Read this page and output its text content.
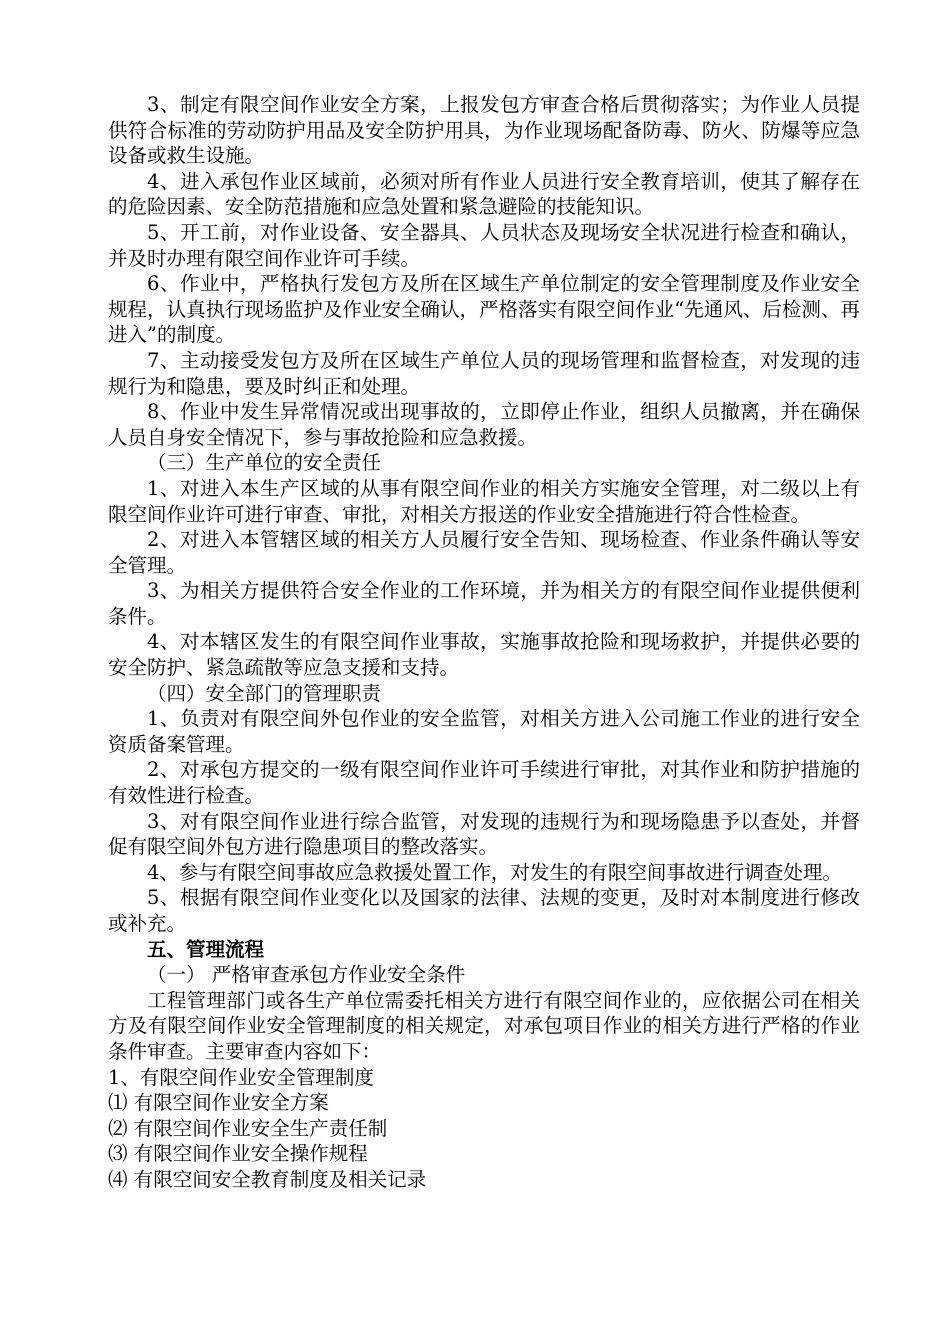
3、制定有限空间作业安全方案，上报发包方审查合格后贯彻落实；为作业人员提供符合标准的劳动防护用品及安全防护用具，为作业现场配备防毒、防火、防爆等应急设备或救生设施。

4、进入承包作业区域前，必须对所有作业人员进行安全教育培训，使其了解存在的危险因素、安全防范措施和应急处置和紧急避险的技能知识。

5、开工前，对作业设备、安全器具、人员状态及现场安全状况进行检查和确认，并及时办理有限空间作业许可手续。

6、作业中，严格执行发包方及所在区域生产单位制定的安全管理制度及作业安全规程，认真执行现场监护及作业安全确认，严格落实有限空间作业“先通风、后检测、再进入”的制度。

7、主动接受发包方及所在区域生产单位人员的现场管理和监督检查，对发现的违规行为和隐患，要及时纠正和处理。

8、作业中发生异常情况或出现事故的，立即停止作业，组织人员撤离，并在确保人员自身安全情况下，参与事故抢险和应急救援。

（三）生产单位的安全责任

1、对进入本生产区域的从事有限空间作业的相关方实施安全管理，对二级以上有限空间作业许可进行审查、审批，对相关方报送的作业安全措施进行符合性检查。

2、对进入本管辖区域的相关方人员履行安全告知、现场检查、作业条件确认等安全管理。

3、为相关方提供符合安全作业的工作环境，并为相关方的有限空间作业提供便利条件。

4、对本辖区发生的有限空间作业事故，实施事故抢险和现场救护，并提供必要的安全防护、紧急疏散等应急支援和支持。

（四）安全部门的管理职责

1、负责对有限空间外包作业的安全监管，对相关方进入公司施工作业的进行安全资质备案管理。

2、对承包方提交的一级有限空间作业许可手续进行审批，对其作业和防护措施的有效性进行检查。

3、对有限空间作业进行综合监管，对发现的违规行为和现场隐患予以查处，并督促有限空间外包方进行隐患项目的整改落实。

4、参与有限空间事故应急救援处置工作，对发生的有限空间事故进行调查处理。

5、根据有限空间作业变化以及国家的法律、法规的变更，及时对本制度进行修改或补充。

五、管理流程

（一） 严格审查承包方作业安全条件

工程管理部门或各生产单位需委托相关方进行有限空间作业的，应依据公司在相关方及有限空间作业安全管理制度的相关规定，对承包项目作业的相关方进行严格的作业条件审查。主要审查内容如下：

1、有限空间作业安全管理制度

⑴ 有限空间作业安全方案

⑵ 有限空间作业安全生产责任制

⑶ 有限空间作业安全操作规程

⑷ 有限空间安全教育制度及相关记录
